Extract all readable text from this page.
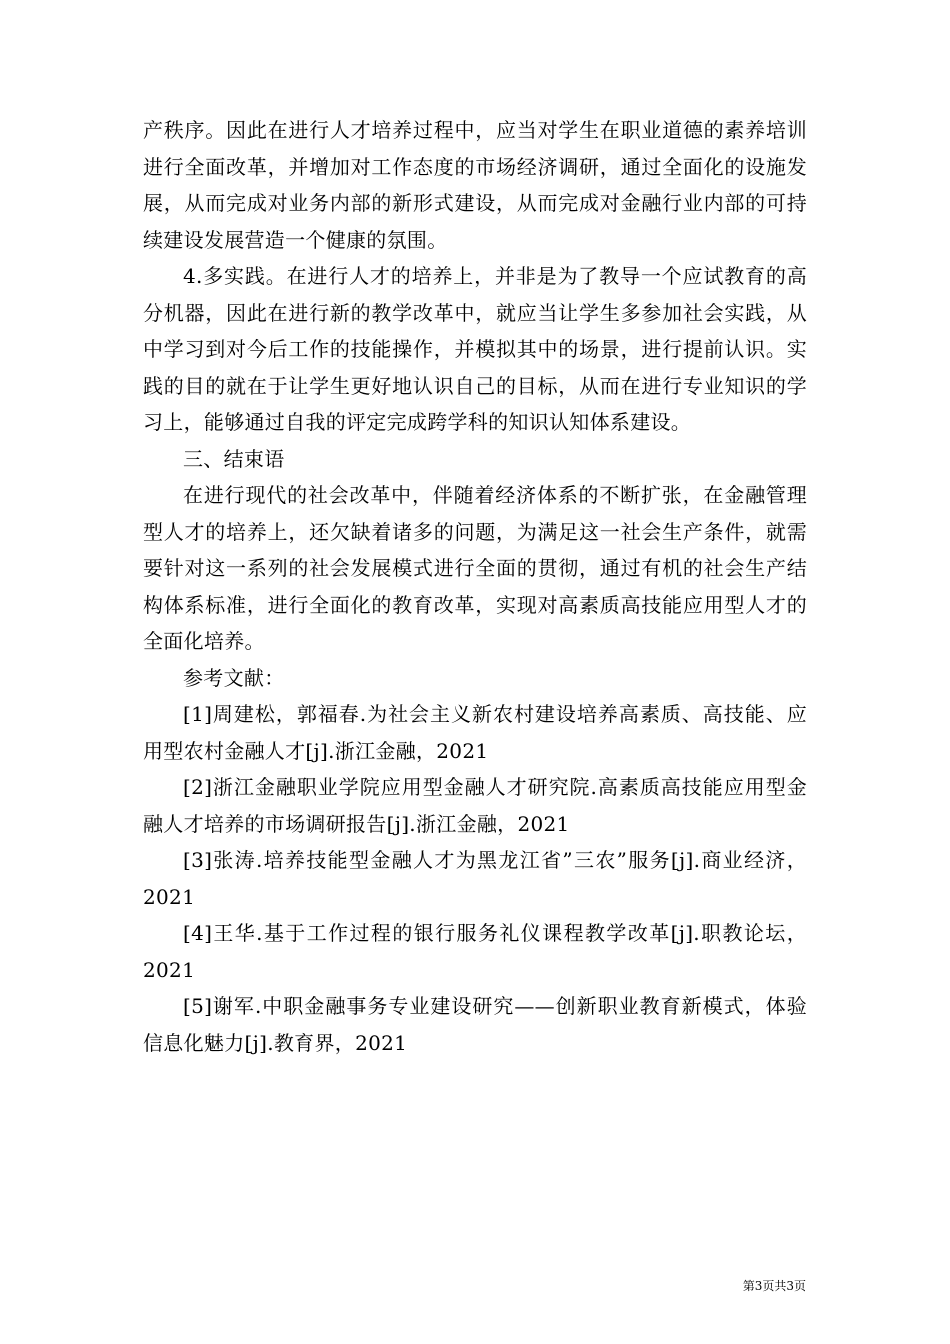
产秩序。因此在进行人才培养过程中，应当对学生在职业道德的素养培训进行全面改革，并增加对工作态度的市场经济调研，通过全面化的设施发展，从而完成对业务内部的新形式建设，从而完成对金融行业内部的可持续建设发展营造一个健康的氛围。

4.多实践。在进行人才的培养上，并非是为了教导一个应试教育的高分机器，因此在进行新的教学改革中，就应当让学生多参加社会实践，从中学习到对今后工作的技能操作，并模拟其中的场景，进行提前认识。实践的目的就在于让学生更好地认识自己的目标，从而在进行专业知识的学习上，能够通过自我的评定完成跨学科的知识认知体系建设。

三、结束语

在进行现代的社会改革中，伴随着经济体系的不断扩张，在金融管理型人才的培养上，还欠缺着诸多的问题，为满足这一社会生产条件，就需要针对这一系列的社会发展模式进行全面的贯彻，通过有机的社会生产结构体系标准，进行全面化的教育改革，实现对高素质高技能应用型人才的全面化培养。

参考文献：

[1]周建松，郭福春.为社会主义新农村建设培养高素质、高技能、应用型农村金融人才[j].浙江金融，2021

[2]浙江金融职业学院应用型金融人才研究院.高素质高技能应用型金融人才培养的市场调研报告[j].浙江金融，2021

[3]张涛.培养技能型金融人才为黑龙江省”三农”服务[j].商业经济，2021

[4]王华.基于工作过程的银行服务礼仪课程教学改革[j].职教论坛，2021

[5]谢军.中职金融事务专业建设研究——创新职业教育新模式，体验信息化魅力[j].教育界，2021

第3页共3页
